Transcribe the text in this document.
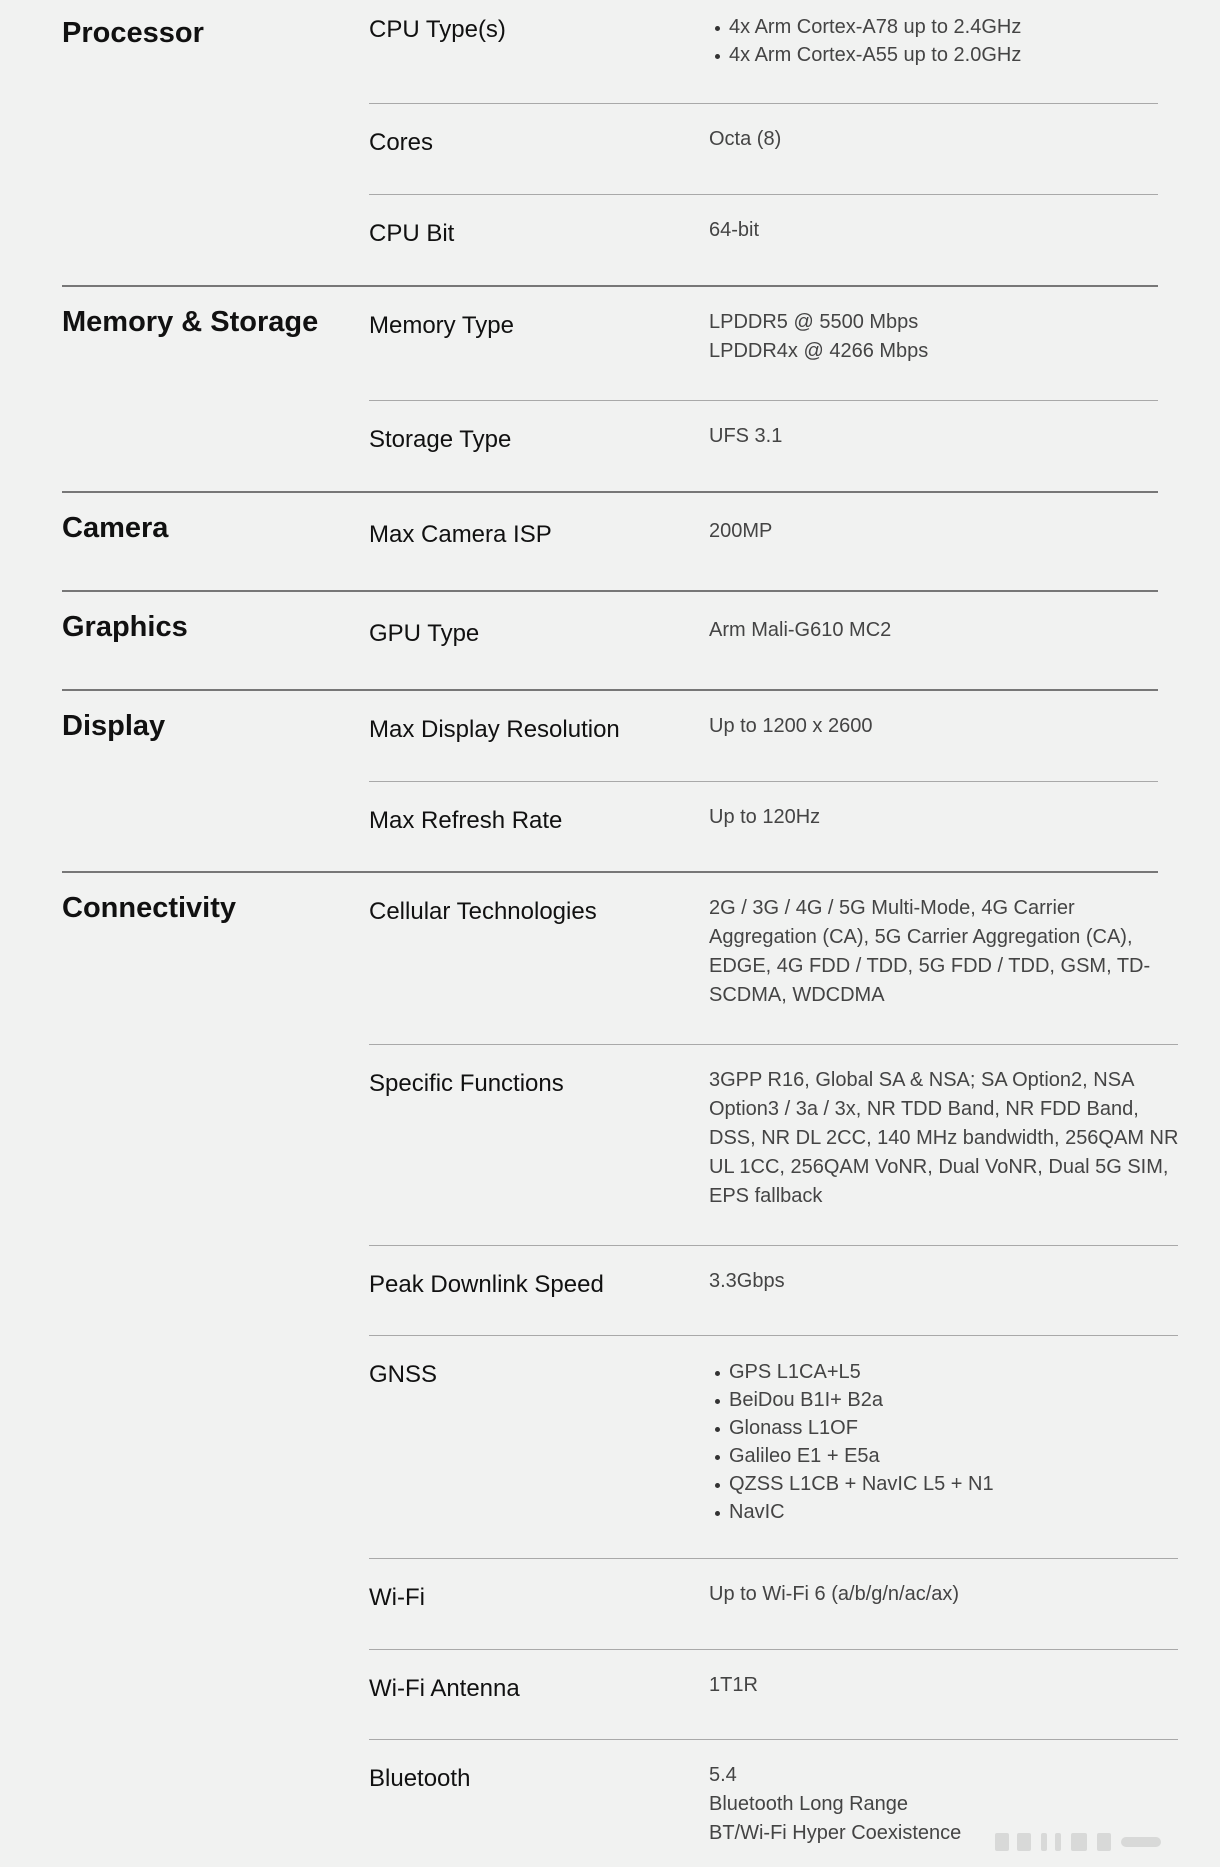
Processor	CPU Type(s)	4x Arm Cortex-A78 up to 2.4GHz
4x Arm Cortex-A55 up to 2.0GHz
Cores	Octa (8)
CPU Bit	64-bit
Memory & Storage	Memory Type	LPDDR5 @ 5500 Mbps
LPDDR4x @ 4266 Mbps
Storage Type	UFS 3.1
Camera	Max Camera ISP	200MP
Graphics	GPU Type	Arm Mali-G610 MC2
Display	Max Display Resolution	Up to 1200 x 2600
Max Refresh Rate	Up to 120Hz
Connectivity	Cellular Technologies	2G / 3G / 4G / 5G Multi-Mode, 4G Carrier
Aggregation (CA), 5G Carrier Aggregation (CA),
EDGE, 4G FDD / TDD, 5G FDD / TDD, GSM, TD-
SCDMA, WDCDMA
Specific Functions	3GPP R16, Global SA & NSA; SA Option2, NSA
Option3 / 3a / 3x, NR TDD Band, NR FDD Band,
DSS, NR DL 2CC, 140 MHz bandwidth, 256QAM NR
UL 1CC, 256QAM VoNR, Dual VoNR, Dual 5G SIM,
EPS fallback
Peak Downlink Speed	3.3Gbps
GNSS	GPS L1CA+L5
BeiDou B1I+ B2a
Glonass L1OF
Galileo E1 + E5a
QZSS L1CB + NavIC L5 + N1
NavIC
Wi-Fi	Up to Wi-Fi 6 (a/b/g/n/ac/ax)
Wi-Fi Antenna	1T1R
Bluetooth	5.4
Bluetooth Long Range
BT/Wi-Fi Hyper Coexistence
